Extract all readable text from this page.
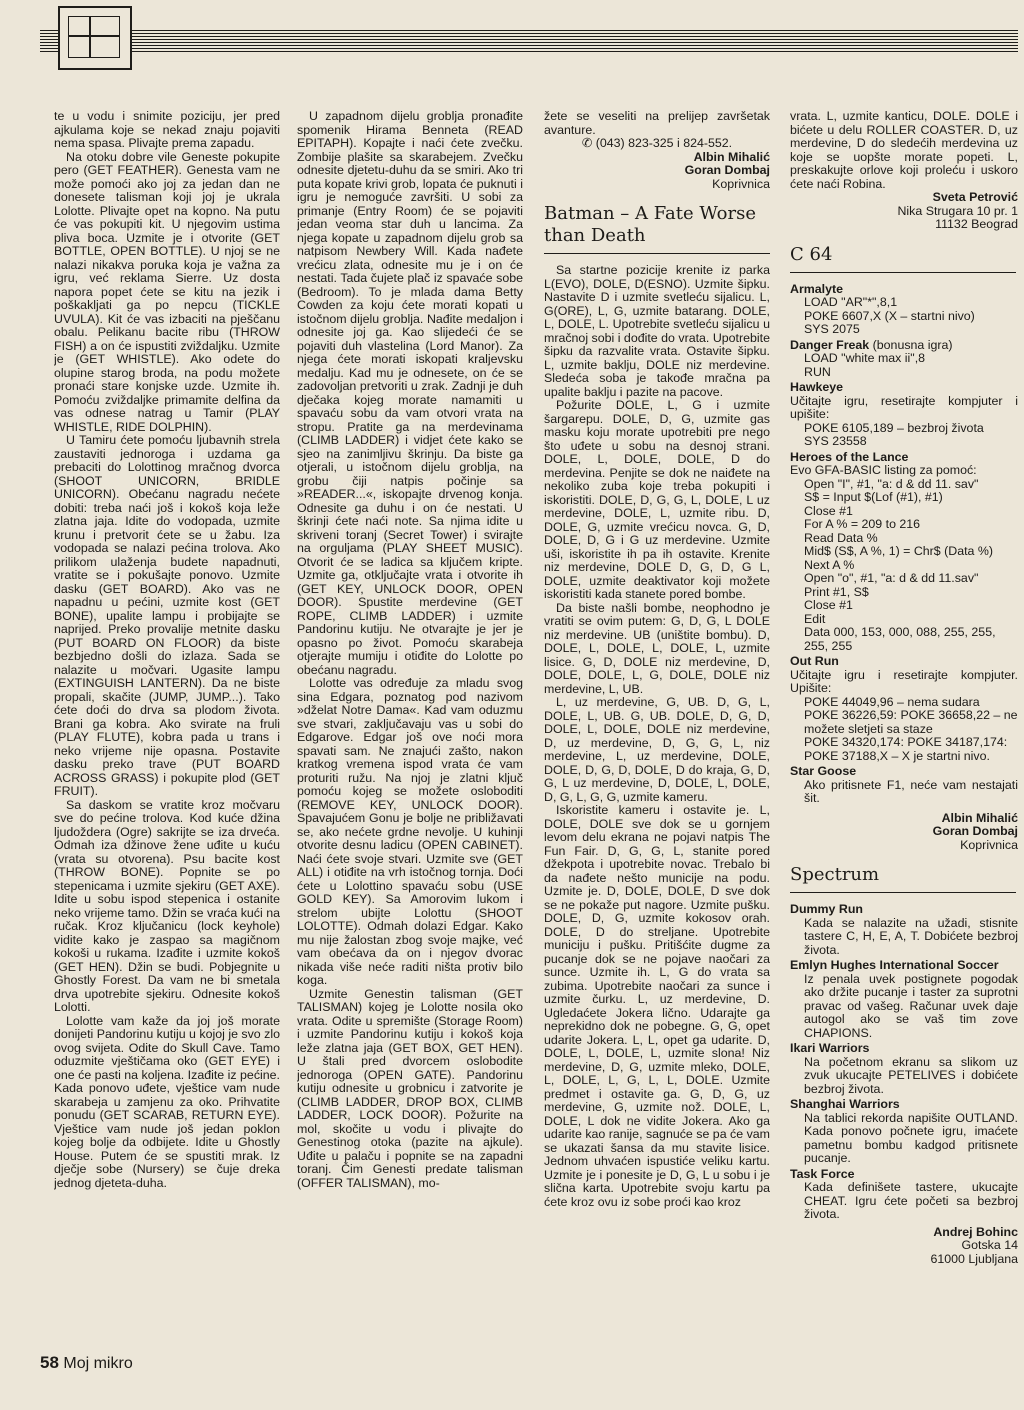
te u vodu i snimite poziciju, jer pred ajkulama koje se nekad znaju pojaviti nema spasa. Plivajte prema zapadu.

Na otoku dobre vile Geneste pokupite pero (GET FEATHER). Genesta vam ne može pomoći ako joj za jedan dan ne donesete talisman koji joj je ukrala Lolotte. Plivajte opet na kopno. Na putu će vas pokupiti kit. U njegovim ustima pliva boca. Uzmite je i otvorite (GET BOTTLE, OPEN BOTTLE). U njoj se ne nalazi nikakva poruka koja je važna za igru, već reklama Sierre. Uz dosta napora popet ćete se kitu na jezik i poškakljati ga po nepcu (TICKLE UVULA). Kit će vas izbaciti na pješčanu obalu. Pelikanu bacite ribu (THROW FISH) a on će ispustiti zviždaljku. Uzmite je (GET WHISTLE). Ako odete do olupine starog broda, na podu možete pronaći stare konjske uzde. Uzmite ih. Pomoću zviždaljke primamite delfina da vas odnese natrag u Tamir (PLAY WHISTLE, RIDE DOLPHIN).

U Tamiru ćete pomoću ljubavnih strela zaustaviti jednoroga i uzdama ga prebaciti do Lolottinog mračnog dvorca (SHOOT UNICORN, BRIDLE UNICORN). Obećanu nagradu nećete dobiti: treba naći još i kokoš koja leže zlatna jaja. Idite do vodopada, uzmite krunu i pretvorit ćete se u žabu. Iza vodopada se nalazi pećina trolova. Ako prilikom ulaženja budete napadnuti, vratite se i pokušajte ponovo. Uzmite dasku (GET BOARD). Ako vas ne napadnu u pećini, uzmite kost (GET BONE), upalite lampu i probijajte se naprijed. Preko provalije metnite dasku (PUT BOARD ON FLOOR) da biste bezbjedno došli do izlaza. Sada se nalazite u močvari. Ugasite lampu (EXTINGUISH LANTERN). Da ne biste propali, skačite (JUMP, JUMP...). Tako ćete doći do drva sa plodom života. Brani ga kobra. Ako svirate na fruli (PLAY FLUTE), kobra pada u trans i neko vrijeme nije opasna. Postavite dasku preko trave (PUT BOARD ACROSS GRASS) i pokupite plod (GET FRUIT).

Sa daskom se vratite kroz močvaru sve do pećine trolova. Kod kuće džina ljudoždera (Ogre) sakrijte se iza drveća. Odmah iza džinove žene uđite u kuću (vrata su otvorena). Psu bacite kost (THROW BONE). Popnite se po stepenicama i uzmite sjekiru (GET AXE). Idite u sobu ispod stepenica i ostanite neko vrijeme tamo. Džin se vraća kući na ručak. Kroz ključanicu (lock keyhole) vidite kako je zaspao sa magičnom kokoši u rukama. Izađite i uzmite kokoš (GET HEN). Džin se budi. Pobjegnite u Ghostly Forest. Da vam ne bi smetala drva upotrebite sjekiru. Odnesite kokoš Lolotti.

Lolotte vam kaže da joj još morate donijeti Pandorinu kutiju u kojoj je svo zlo ovog svijeta. Odite do Skull Cave. Tamo oduzmite vještičama oko (GET EYE) i one će pasti na koljena. Izađite iz pećine. Kada ponovo uđete, vještice vam nude skarabeja u zamjenu za oko. Prihvatite ponudu (GET SCARAB, RETURN EYE). Vještice vam nude još jedan poklon kojeg bolje da odbijete. Idite u Ghostly House. Putem će se spustiti mrak. Iz dječje sobe (Nursery) se čuje dreka jednog djeteta-duha.

U zapadnom dijelu groblja pronađite spomenik Hirama Benneta (READ EPITAPH). Kopajte i naći ćete zvečku. Zombije plašite sa skarabejem. Zvečku odnesite djetetu-duhu da se smiri. Ako tri puta kopate krivi grob, lopata će puknuti i igru je nemoguće završiti. U sobi za primanje (Entry Room) će se pojaviti jedan veoma star duh u lancima. Za njega kopate u zapadnom dijelu grob sa natpisom Newbery Will. Kada nađete vrećicu zlata, odnesite mu je i on će nestati. Tada čujete plač iz spavaće sobe (Bedroom). To je mlada dama Betty Cowden za koju ćete morati kopati u istočnom dijelu groblja. Nađite medaljon i odnesite joj ga. Kao slijedeći će se pojaviti duh vlastelina (Lord Manor). Za njega ćete morati iskopati kraljevsku medalju. Kad mu je odnesete, on će se zadovoljan pretvoriti u zrak. Zadnji je duh dječaka kojeg morate namamiti u spavaću sobu da vam otvori vrata na stropu. Pratite ga na merdevinama (CLIMB LADDER) i vidjet ćete kako se sjeo na zanimljivu škrinju. Da biste ga otjerali, u istočnom dijelu groblja, na grobu čiji natpis počinje sa »READER...«, iskopajte drvenog konja. Odnesite ga duhu i on će nestati. U škrinji ćete naći note. Sa njima idite u skriveni toranj (Secret Tower) i svirajte na orguljama (PLAY SHEET MUSIC). Otvorit će se ladica sa ključem kripte. Uzmite ga, otključajte vrata i otvorite ih (GET KEY, UNLOCK DOOR, OPEN DOOR). Spustite merdevine (GET ROPE, CLIMB LADDER) i uzmite Pandorinu kutiju. Ne otvarajte je jer je opasno po život. Pomoću skarabeja otjerajte mumiju i otiđite do Lolotte po obećanu nagradu.

Lolotte vas određuje za mladu svog sina Edgara, poznatog pod nazivom »dželat Notre Dama«. Kad vam oduzmu sve stvari, zaključavaju vas u sobi do Edgarove. Edgar još ove noći mora spavati sam. Ne znajući zašto, nakon kratkog vremena ispod vrata će vam proturiti ružu. Na njoj je zlatni ključ pomoću kojeg se možete osloboditi (REMOVE KEY, UNLOCK DOOR). Spavajućem Gonu je bolje ne približavati se, ako nećete grdne nevolje. U kuhinji otvorite desnu ladicu (OPEN CABINET). Naći ćete svoje stvari. Uzmite sve (GET ALL) i otiđite na vrh istočnog tornja. Doći ćete u Lolottino spavaću sobu (USE GOLD KEY). Sa Amorovim lukom i strelom ubijte Lolottu (SHOOT LOLOTTE). Odmah dolazi Edgar. Kako mu nije žalostan zbog svoje majke, već vam obećava da on i njegov dvorac nikada više neće raditi ništa protiv bilo koga.

Uzmite Genestin talisman (GET TALISMAN) kojeg je Lolotte nosila oko vrata. Odite u spremište (Storage Room) i uzmite Pandorinu kutiju i kokoš koja leže zlatna jaja (GET BOX, GET HEN). U štali pred dvorcem oslobodite jednoroga (OPEN GATE). Pandorinu kutiju odnesite u grobnicu i zatvorite je (CLIMB LADDER, DROP BOX, CLIMB LADDER, LOCK DOOR). Požurite na mol, skočite u vodu i plivajte do Genestinog otoka (pazite na ajkule). Uđite u palaču i popnite se na zapadni toranj. Čim Genesti predate talisman (OFFER TALISMAN), mo-

žete se veseliti na prelijep završetak avanture.

✆ (043) 823-325 i 824-552.

Albin Mihalić

Goran Dombaj

Koprivnica

Batman – A Fate Worse
than Death

Sa startne pozicije krenite iz parka L(EVO), DOLE, D(ESNO). Uzmite šipku. Nastavite D i uzmite svetleću sijalicu. L, G(ORE), L, G, uzmite batarang. DOLE, L, DOLE, L. Upotrebite svetleću sijalicu u mračnoj sobi i dođite do vrata. Upotrebite šipku da razvalite vrata. Ostavite šipku. L, uzmite baklju, DOLE niz merdevine. Sledeća soba je takođe mračna pa upalite baklju i pazite na pacove.

Požurite DOLE, L, G i uzmite šargarepu. DOLE, D, G, uzmite gas masku koju morate upotrebiti pre nego što uđete u sobu na desnoj strani. DOLE, L, DOLE, DOLE, D do merdevina. Penjite se dok ne naiđete na nekoliko zuba koje treba pokupiti i iskoristiti. DOLE, D, G, G, L, DOLE, L uz merdevine, DOLE, L, uzmite ribu. D, DOLE, G, uzmite vrećicu novca. G, D, DOLE, D, G i G uz merdevine. Uzmite uši, iskoristite ih pa ih ostavite. Krenite niz merdevine, DOLE D, G, D, G L, DOLE, uzmite deaktivator koji možete iskoristiti kada stanete pored bombe.

Da biste našli bombe, neophodno je vratiti se ovim putem: G, D, G, L DOLE niz merdevine. UB (uništite bombu). D, DOLE, L, DOLE, L, DOLE, L, uzmite lisice. G, D, DOLE niz merdevine, D, DOLE, DOLE, L, G, DOLE, DOLE niz merdevine, L, UB.

L, uz merdevine, G, UB. D, G, L, DOLE, L, UB. G, UB. DOLE, D, G, D, DOLE, L, DOLE, DOLE niz merdevine, D, uz merdevine, D, G, G, L, niz merdevine, L, uz merdevine, DOLE, DOLE, D, G, D, DOLE, D do kraja, G, D, G, L uz merdevine, D, DOLE, L, DOLE, D, G, L, G, G, uzmite kameru.

Iskoristite kameru i ostavite je. L, DOLE, DOLE sve dok se u gornjem levom delu ekrana ne pojavi natpis The Fun Fair. D, G, G, L, stanite pored džekpota i upotrebite novac. Trebalo bi da nađete nešto municije na podu. Uzmite je. D, DOLE, DOLE, D sve dok se ne pokaže put nagore. Uzmite pušku. DOLE, D, G, uzmite kokosov orah. DOLE, D do streljane. Upotrebite municiju i pušku. Pritišćite dugme za pucanje dok se ne pojave naočari za sunce. Uzmite ih. L, G do vrata sa zubima. Upotrebite naočari za sunce i uzmite čurku. L, uz merdevine, D. Ugledaćete Jokera lično. Udarajte ga neprekidno dok ne pobegne. G, G, opet udarite Jokera. L, L, opet ga udarite. D, DOLE, L, DOLE, L, uzmite slona! Niz merdevine, D, G, uzmite mleko, DOLE, L, DOLE, L, G, L, L, DOLE. Uzmite predmet i ostavite ga. G, D, G, uz merdevine, G, uzmite nož. DOLE, L, DOLE, L dok ne vidite Jokera. Ako ga udarite kao ranije, sagnuće se pa će vam se ukazati šansa da mu stavite lisice. Jednom uhvaćen ispustiće veliku kartu. Uzmite je i ponesite je D, G, L u sobu i je slična karta. Upotrebite svoju kartu pa ćete kroz ovu iz sobe proći kao kroz

vrata. L, uzmite kanticu, DOLE. DOLE i bićete u delu ROLLER COASTER. D, uz merdevine, D do sledećih merdevina uz koje se uopšte morate popeti. L, preskakujte orlove koji proleću i uskoro ćete naći Robina.

Sveta Petrović

Nika Strugara 10 pr. 1

11132 Beograd

C 64
Armalyte
LOAD "AR"*",8,1
POKE 6607,X (X – startni nivo)
SYS 2075
Danger Freak (bonusna igra)
LOAD "white max ii",8
RUN
Hawkeye

Učitajte igru, resetirajte kompjuter i upišite:

POKE 6105,189 – bezbroj života
SYS 23558
Heroes of the Lance

Evo GFA-BASIC listing za pomoć:

Open "I", #1, "a: d & dd 11. sav"
S$ = Input $(Lof (#1), #1)
Close #1
For A % = 209 to 216
Read Data %
Mid$ (S$, A %, 1) = Chr$ (Data %)
Next A %
Open "o", #1, "a: d & dd 11.sav"
Print #1, S$
Close #1
Edit
Data 000, 153, 000, 088, 255, 255, 255, 255
Out Run

Učitajte igru i resetirajte kompjuter. Upišite:

POKE 44049,96 – nema sudara
POKE 36226,59: POKE 36658,22 – ne možete sletjeti sa staze
POKE 34320,174: POKE 34187,174: POKE 37188,X – X je startni nivo.
Star Goose

Ako pritisnete F1, neće vam nestajati šit.

Albin Mihalić

Goran Dombaj

Koprivnica

Spectrum
Dummy Run

Kada se nalazite na užadi, stisnite tastere C, H, E, A, T. Dobićete bezbroj života.

Emlyn Hughes International Soccer

Iz penala uvek postignete pogodak ako držite pucanje i taster za suprotni pravac od vašeg. Računar uvek daje autogol ako se vaš tim zove CHAPIONS.

Ikari Warriors

Na početnom ekranu sa slikom uz zvuk ukucajte PETELIVES i dobićete bezbroj života.

Shanghai Warriors

Na tablici rekorda napišite OUTLAND. Kada ponovo počnete igru, imaćete pametnu bombu kadgod pritisnete pucanje.

Task Force

Kada definišete tastere, ukucajte CHEAT. Igru ćete početi sa bezbroj života.

Andrej Bohinc

Gotska 14

61000 Ljubljana

58 Moj mikro
